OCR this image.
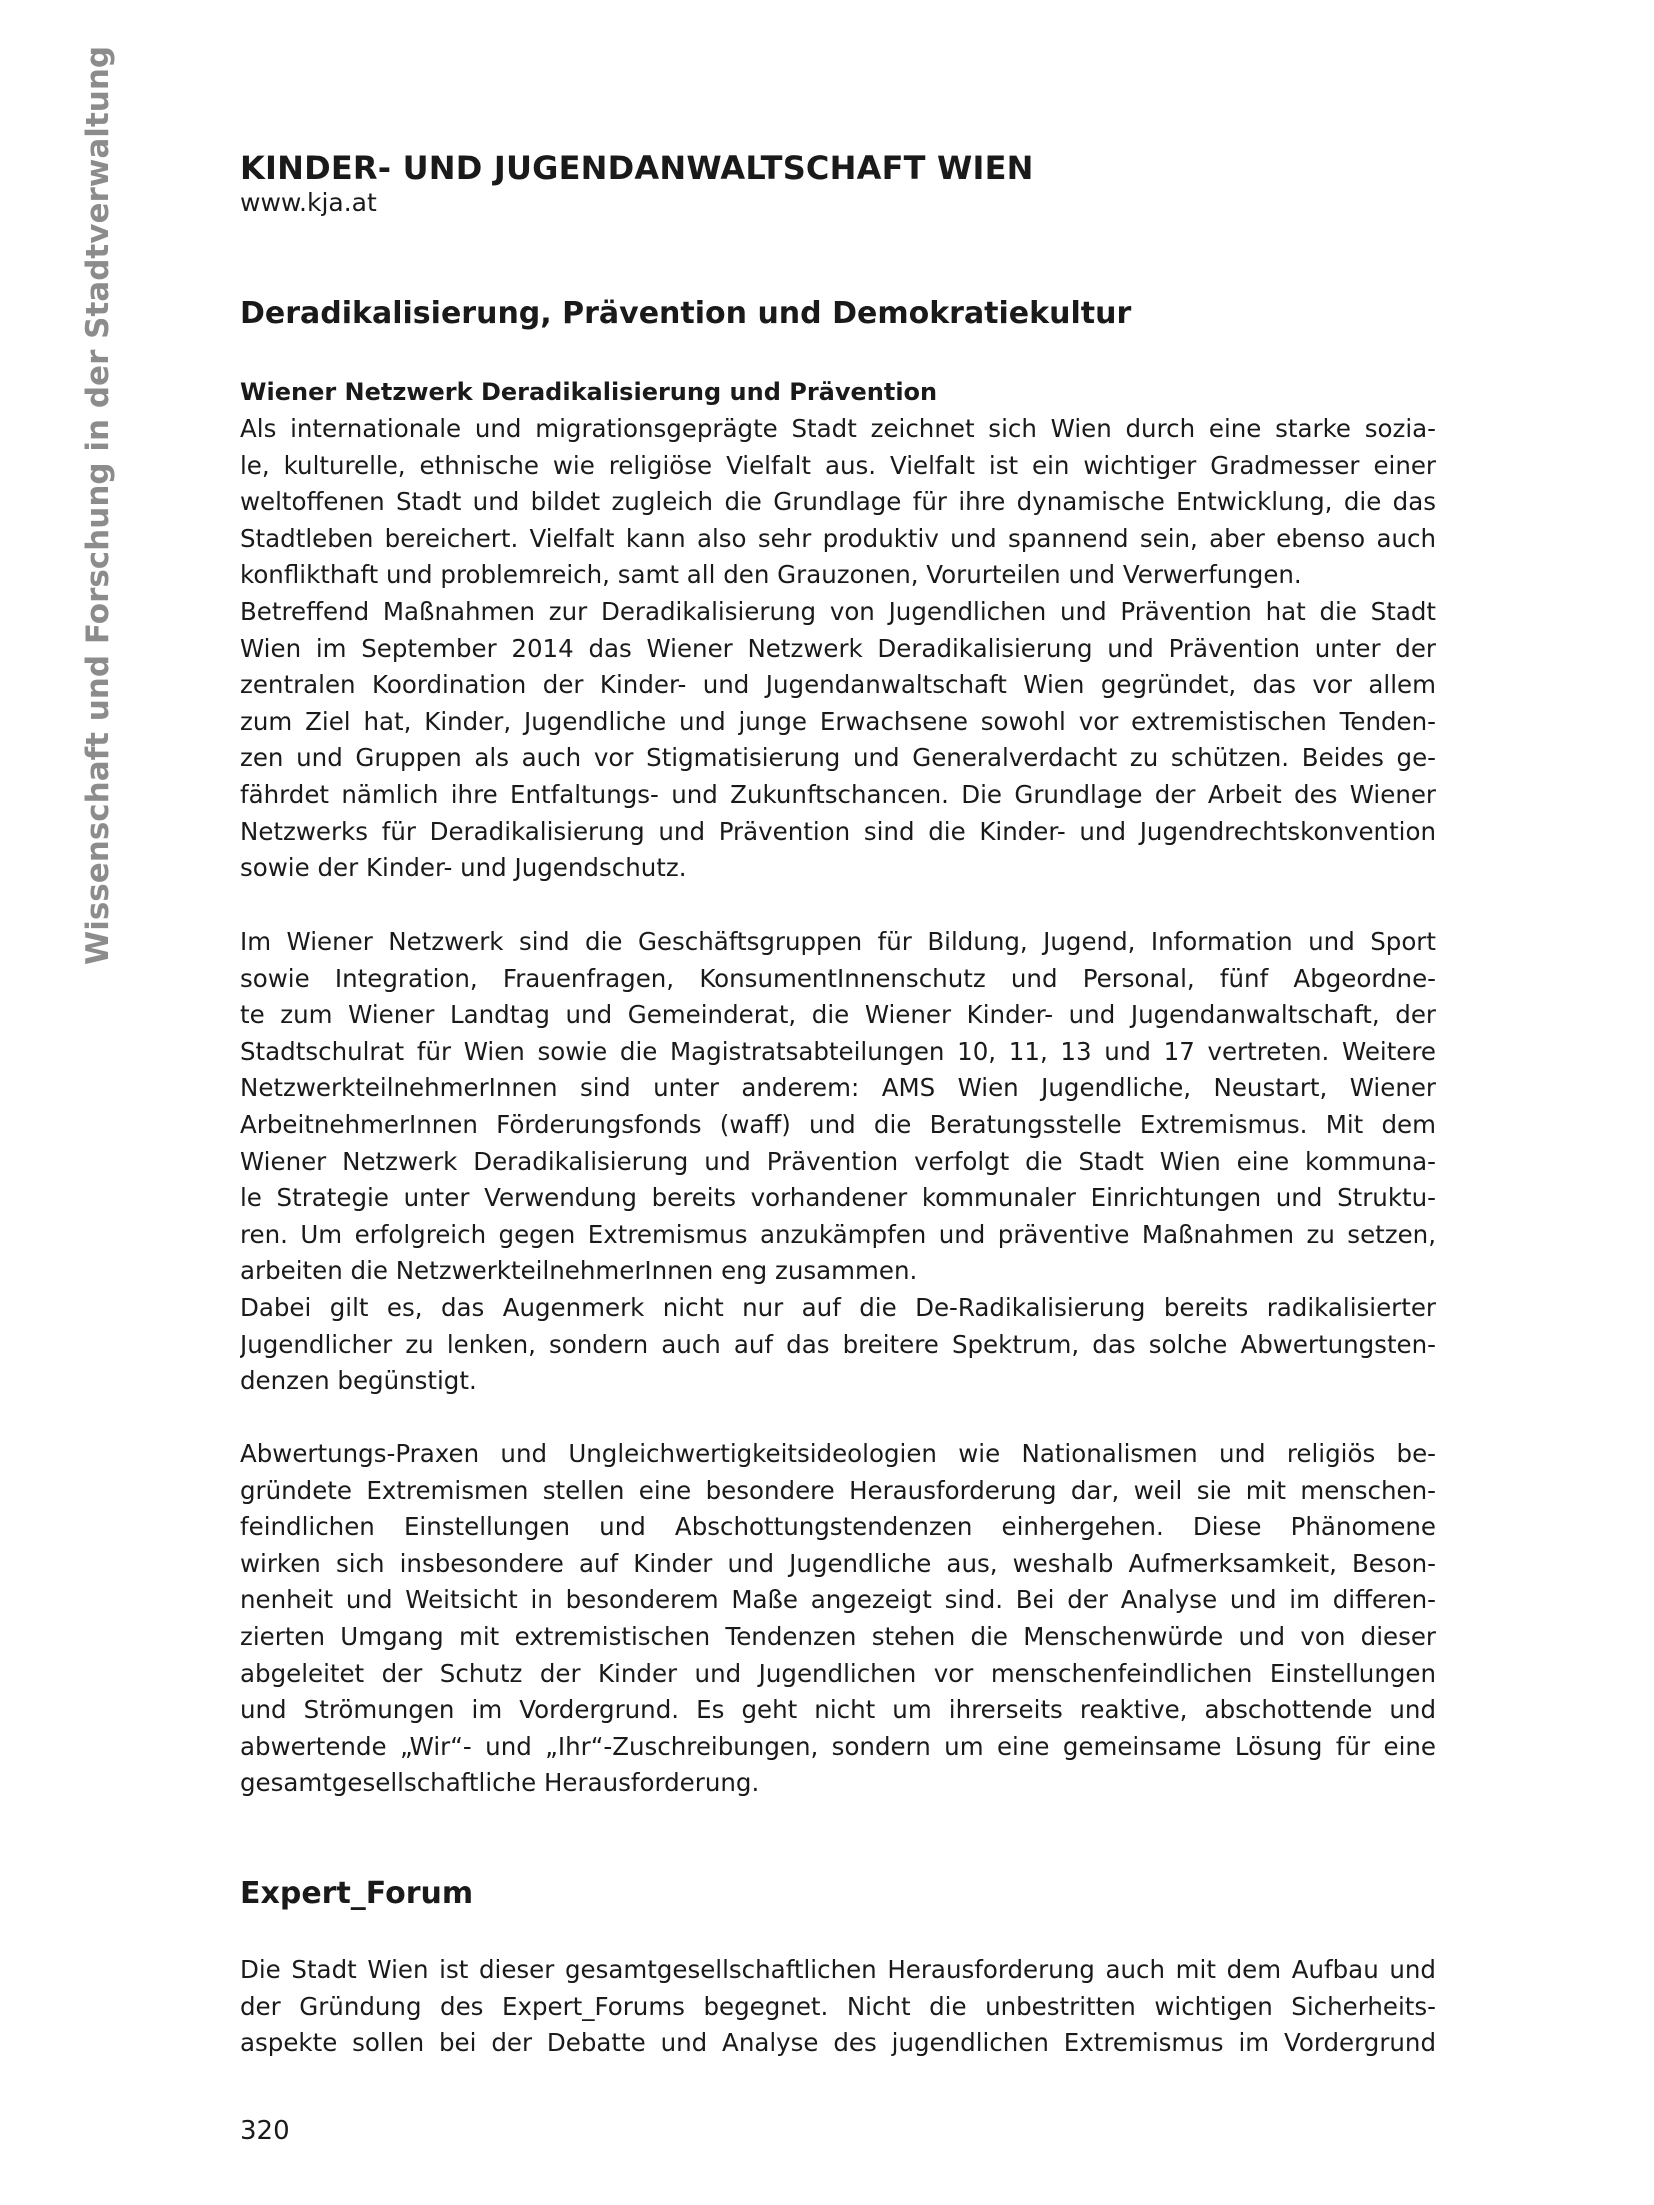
Wissenschaft und Forschung in der Stadtverwaltung	KINDER- UND JUGENDANWALTSCHAFT WIEN
www.kja.at
Deradikalisierung, Prävention und Demokratiekultur
Wiener Netzwerk Deradikalisierung und Prävention
Als internationale und migrationsgeprägte Stadt zeichnet sich Wien durch eine starke sozia-
le, kulturelle, ethnische wie religiöse Vielfalt aus. Vielfalt ist ein wichtiger Gradmesser einer
weltoffenen Stadt und bildet zugleich die Grundlage für ihre dynamische Entwicklung, die das
Stadtleben bereichert. Vielfalt kann also sehr produktiv und spannend sein, aber ebenso auch
konflikthaft und problemreich, samt all den Grauzonen, Vorurteilen und Verwerfungen.
Betreffend Maßnahmen zur Deradikalisierung von Jugendlichen und Prävention hat die Stadt
Wien im September 2014 das Wiener Netzwerk Deradikalisierung und Prävention unter der
zentralen Koordination der Kinder- und Jugendanwaltschaft Wien gegründet, das vor allem
zum Ziel hat, Kinder, Jugendliche und junge Erwachsene sowohl vor extremistischen Tenden-
zen und Gruppen als auch vor Stigmatisierung und Generalverdacht zu schützen. Beides ge-
fährdet nämlich ihre Entfaltungs- und Zukunftschancen. Die Grundlage der Arbeit des Wiener
Netzwerks für Deradikalisierung und Prävention sind die Kinder- und Jugendrechtskonvention
sowie der Kinder- und Jugendschutz.
Im Wiener Netzwerk sind die Geschäftsgruppen für Bildung, Jugend, Information und Sport
sowie Integration, Frauenfragen, KonsumentInnenschutz und Personal, fünf Abgeordne-
te zum Wiener Landtag und Gemeinderat, die Wiener Kinder- und Jugendanwaltschaft, der
Stadtschulrat für Wien sowie die Magistratsabteilungen 10, 11, 13 und 17 vertreten. Weitere
NetzwerkteilnehmerInnen sind unter anderem: AMS Wien Jugendliche, Neustart, Wiener
ArbeitnehmerInnen Förderungsfonds (waff) und die Beratungsstelle Extremismus. Mit dem
Wiener Netzwerk Deradikalisierung und Prävention verfolgt die Stadt Wien eine kommuna-
le Strategie unter Verwendung bereits vorhandener kommunaler Einrichtungen und Struktu-
ren. Um erfolgreich gegen Extremismus anzukämpfen und präventive Maßnahmen zu setzen,
arbeiten die NetzwerkteilnehmerInnen eng zusammen.
Dabei gilt es, das Augenmerk nicht nur auf die De-Radikalisierung bereits radikalisierter
Jugendlicher zu lenken, sondern auch auf das breitere Spektrum, das solche Abwertungsten-
denzen begünstigt.
Abwertungs-Praxen und Ungleichwertigkeitsideologien wie Nationalismen und religiös be-
gründete Extremismen stellen eine besondere Herausforderung dar, weil sie mit menschen-
feindlichen Einstellungen und Abschottungstendenzen einhergehen. Diese Phänomene
wirken sich insbesondere auf Kinder und Jugendliche aus, weshalb Aufmerksamkeit, Beson-
nenheit und Weitsicht in besonderem Maße angezeigt sind. Bei der Analyse und im differen-
zierten Umgang mit extremistischen Tendenzen stehen die Menschenwürde und von dieser
abgeleitet der Schutz der Kinder und Jugendlichen vor menschenfeindlichen Einstellungen
und Strömungen im Vordergrund. Es geht nicht um ihrerseits reaktive, abschottende und
abwertende „Wir“- und „Ihr“-Zuschreibungen, sondern um eine gemeinsame Lösung für eine
gesamtgesellschaftliche Herausforderung.
Expert_Forum
Die Stadt Wien ist dieser gesamtgesellschaftlichen Herausforderung auch mit dem Aufbau und
der Gründung des Expert_Forums begegnet. Nicht die unbestritten wichtigen Sicherheits-
aspekte sollen bei der Debatte und Analyse des jugendlichen Extremismus im Vordergrund
320
